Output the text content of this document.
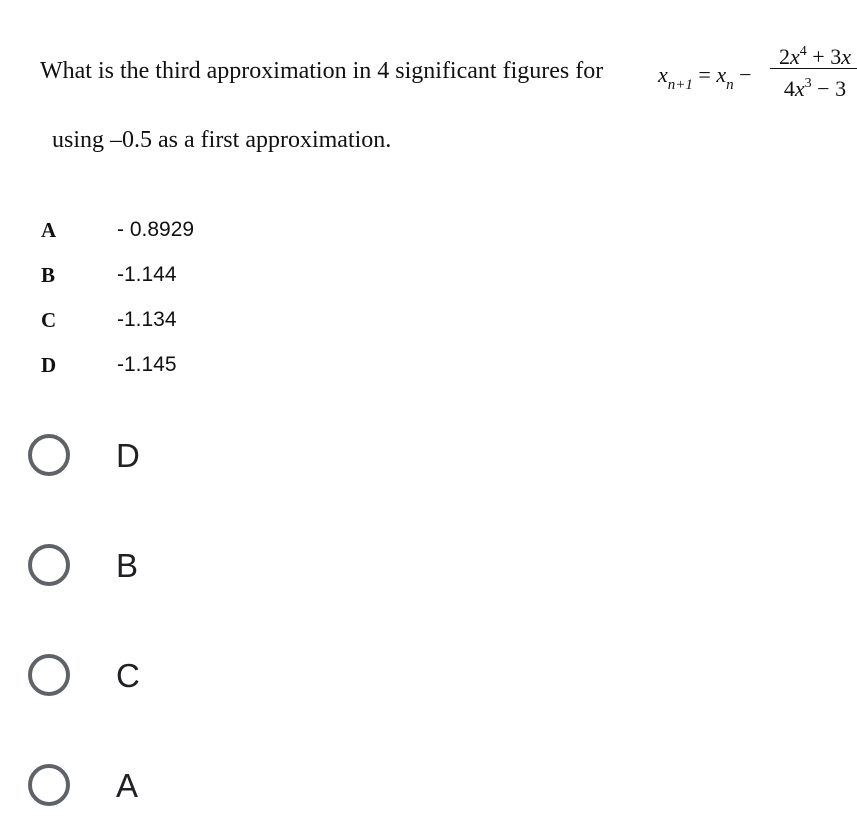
What is the third approximation in 4 significant figures for $x_{n+1} = x_n$ −
$2x^4 + 3x$
$4x^3 - 3$
using –0.5 as a first approximation.
A	- 0.8929
B	-1.144
C	-1.134
D	-1.145
D
B
C
A
